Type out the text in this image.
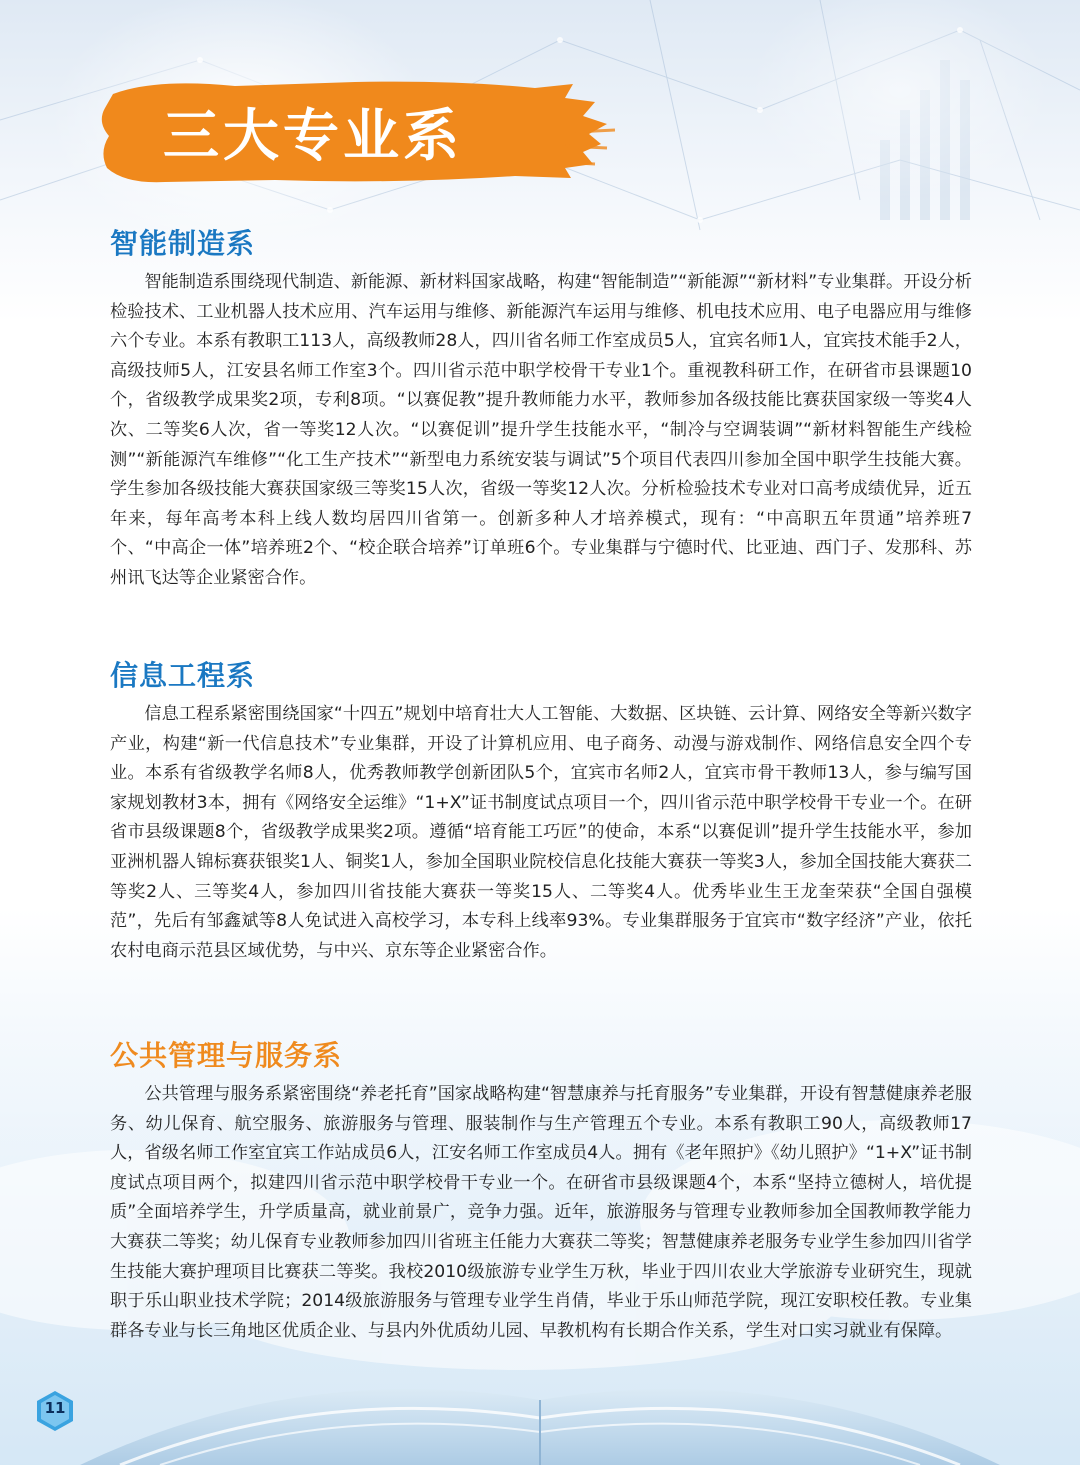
三大专业系
智能制造系

智能制造系围绕现代制造、新能源、新材料国家战略，构建“智能制造”“新能源”“新材料”专业集群。开设分析检验技术、工业机器人技术应用、汽车运用与维修、新能源汽车运用与维修、机电技术应用、电子电器应用与维修六个专业。本系有教职工113人，高级教师28人，四川省名师工作室成员5人，宜宾名师1人，宜宾技术能手2人，高级技师5人，江安县名师工作室3个。四川省示范中职学校骨干专业1个。重视教科研工作，在研省市县课题10个，省级教学成果奖2项，专利8项。“以赛促教”提升教师能力水平，教师参加各级技能比赛获国家级一等奖4人次、二等奖6人次，省一等奖12人次。“以赛促训”提升学生技能水平，“制冷与空调装调”“新材料智能生产线检测”“新能源汽车维修”“化工生产技术”“新型电力系统安装与调试”5个项目代表四川参加全国中职学生技能大赛。学生参加各级技能大赛获国家级三等奖15人次，省级一等奖12人次。分析检验技术专业对口高考成绩优异，近五年来，每年高考本科上线人数均居四川省第一。创新多种人才培养模式，现有：“中高职五年贯通”培养班7个、“中高企一体”培养班2个、“校企联合培养”订单班6个。专业集群与宁德时代、比亚迪、西门子、发那科、苏州讯飞达等企业紧密合作。

信息工程系

信息工程系紧密围绕国家“十四五”规划中培育壮大人工智能、大数据、区块链、云计算、网络安全等新兴数字产业，构建“新一代信息技术”专业集群，开设了计算机应用、电子商务、动漫与游戏制作、网络信息安全四个专业。本系有省级教学名师8人，优秀教师教学创新团队5个，宜宾市名师2人，宜宾市骨干教师13人，参与编写国家规划教材3本，拥有《网络安全运维》“1+X”证书制度试点项目一个，四川省示范中职学校骨干专业一个。在研省市县级课题8个，省级教学成果奖2项。遵循“培育能工巧匠”的使命，本系“以赛促训”提升学生技能水平，参加亚洲机器人锦标赛获银奖1人、铜奖1人，参加全国职业院校信息化技能大赛获一等奖3人，参加全国技能大赛获二等奖2人、三等奖4人，参加四川省技能大赛获一等奖15人、二等奖4人。优秀毕业生王龙奎荣获“全国自强模范”，先后有邹鑫斌等8人免试进入高校学习，本专科上线率93%。专业集群服务于宜宾市“数字经济”产业，依托农村电商示范县区域优势，与中兴、京东等企业紧密合作。

公共管理与服务系

公共管理与服务系紧密围绕“养老托育”国家战略构建“智慧康养与托育服务”专业集群，开设有智慧健康养老服务、幼儿保育、航空服务、旅游服务与管理、服装制作与生产管理五个专业。本系有教职工90人，高级教师17人，省级名师工作室宜宾工作站成员6人，江安名师工作室成员4人。拥有《老年照护》《幼儿照护》“1+X”证书制度试点项目两个，拟建四川省示范中职学校骨干专业一个。在研省市县级课题4个，本系“坚持立德树人，培优提质”全面培养学生，升学质量高，就业前景广，竞争力强。近年，旅游服务与管理专业教师参加全国教师教学能力大赛获二等奖；幼儿保育专业教师参加四川省班主任能力大赛获二等奖；智慧健康养老服务专业学生参加四川省学生技能大赛护理项目比赛获二等奖。我校2010级旅游专业学生万秋，毕业于四川农业大学旅游专业研究生，现就职于乐山职业技术学院；2014级旅游服务与管理专业学生肖倩，毕业于乐山师范学院，现江安职校任教。专业集群各专业与长三角地区优质企业、与县内外优质幼儿园、早教机构有长期合作关系，学生对口实习就业有保障。

11
